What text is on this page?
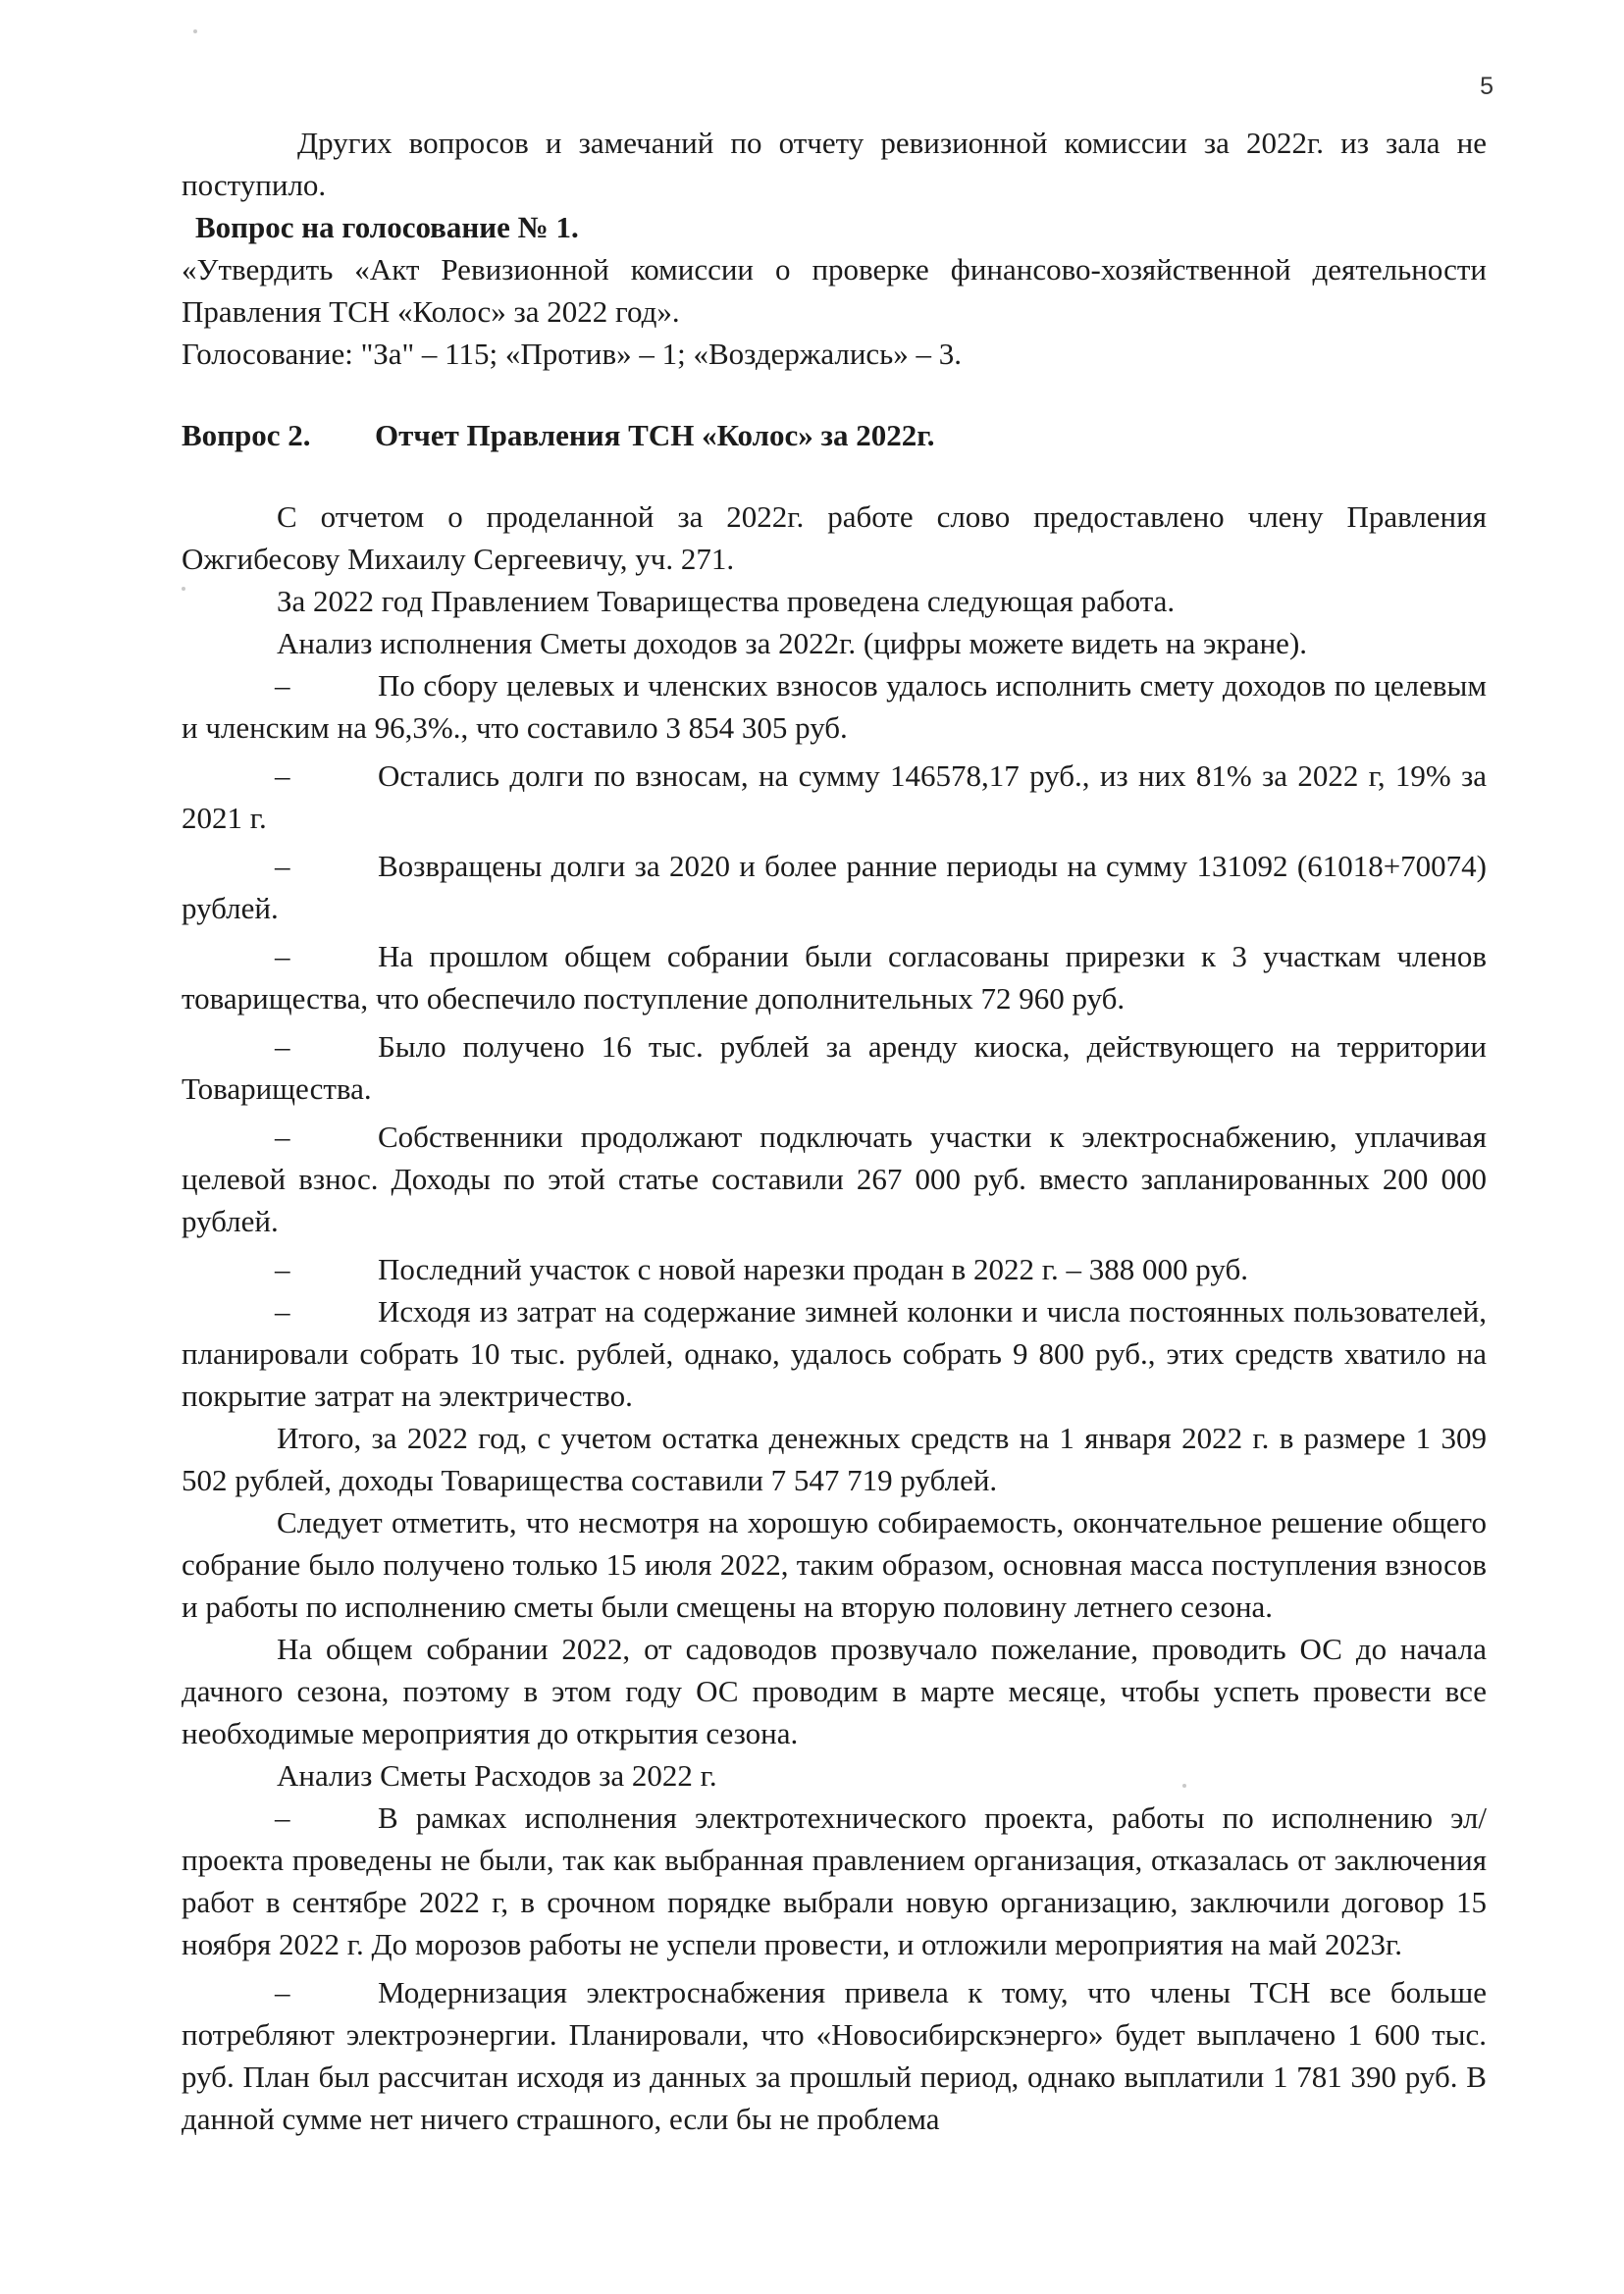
5

Других вопросов и замечаний по отчету ревизионной комиссии за 2022г. из зала не поступило.

Вопрос на голосование № 1.

«Утвердить «Акт Ревизионной комиссии о проверке финансово-хозяйственной деятельности Правления ТСН «Колос» за 2022 год».

Голосование: "За" – 115; «Против» – 1; «Воздержались» – 3.

Вопрос 2.	Отчет Правления ТСН «Колос» за 2022г.

С отчетом о проделанной за 2022г. работе слово предоставлено члену Правления Ожгибесову Михаилу Сергеевичу, уч. 271.

За 2022 год Правлением Товарищества проведена следующая работа.

Анализ исполнения Сметы доходов за 2022г. (цифры можете видеть на экране).

–	По сбору целевых и членских взносов удалось исполнить смету доходов по целевым и членским на 96,3%., что составило 3 854 305 руб.

–	Остались долги по взносам, на сумму 146578,17 руб., из них 81% за 2022 г, 19% за 2021 г.

–	Возвращены долги за 2020 и более ранние периоды на сумму 131092 (61018+70074) рублей.

–	На прошлом общем собрании были согласованы прирезки к 3 участкам членов товарищества, что обеспечило поступление дополнительных 72 960 руб.

–	Было получено 16 тыс. рублей за аренду киоска, действующего на территории Товарищества.

–	Собственники продолжают подключать участки к электроснабжению, уплачивая целевой взнос. Доходы по этой статье составили 267 000 руб. вместо запланированных 200 000 рублей.

–	Последний участок с новой нарезки продан в 2022 г. – 388 000 руб.

–	Исходя из затрат на содержание зимней колонки и числа постоянных пользователей, планировали собрать 10 тыс. рублей, однако, удалось собрать 9 800 руб., этих средств хватило на покрытие затрат на электричество.

Итого, за 2022 год, с учетом остатка денежных средств на 1 января 2022 г. в размере 1 309 502 рублей, доходы Товарищества составили 7 547 719 рублей.

Следует отметить, что несмотря на хорошую собираемость, окончательное решение общего собрание было получено только 15 июля 2022, таким образом, основная масса поступления взносов и работы по исполнению сметы были смещены на вторую половину летнего сезона.

На общем собрании 2022, от садоводов прозвучало пожелание, проводить ОС до начала дачного сезона, поэтому в этом году ОС проводим в марте месяце, чтобы успеть провести все необходимые мероприятия до открытия сезона.

Анализ Сметы Расходов за 2022 г.

–	В рамках исполнения электротехнического проекта, работы по исполнению эл/проекта проведены не были, так как выбранная правлением организация, отказалась от заключения работ в сентябре 2022 г, в срочном порядке выбрали новую организацию, заключили договор 15 ноября 2022 г. До морозов работы не успели провести, и отложили мероприятия на май 2023г.

–	Модернизация электроснабжения привела к тому, что члены ТСН все больше потребляют электроэнергии. Планировали, что «Новосибирскэнерго» будет выплачено 1 600 тыс. руб. План был рассчитан исходя из данных за прошлый период, однако выплатили 1 781 390 руб. В данной сумме нет ничего страшного, если бы не проблема
